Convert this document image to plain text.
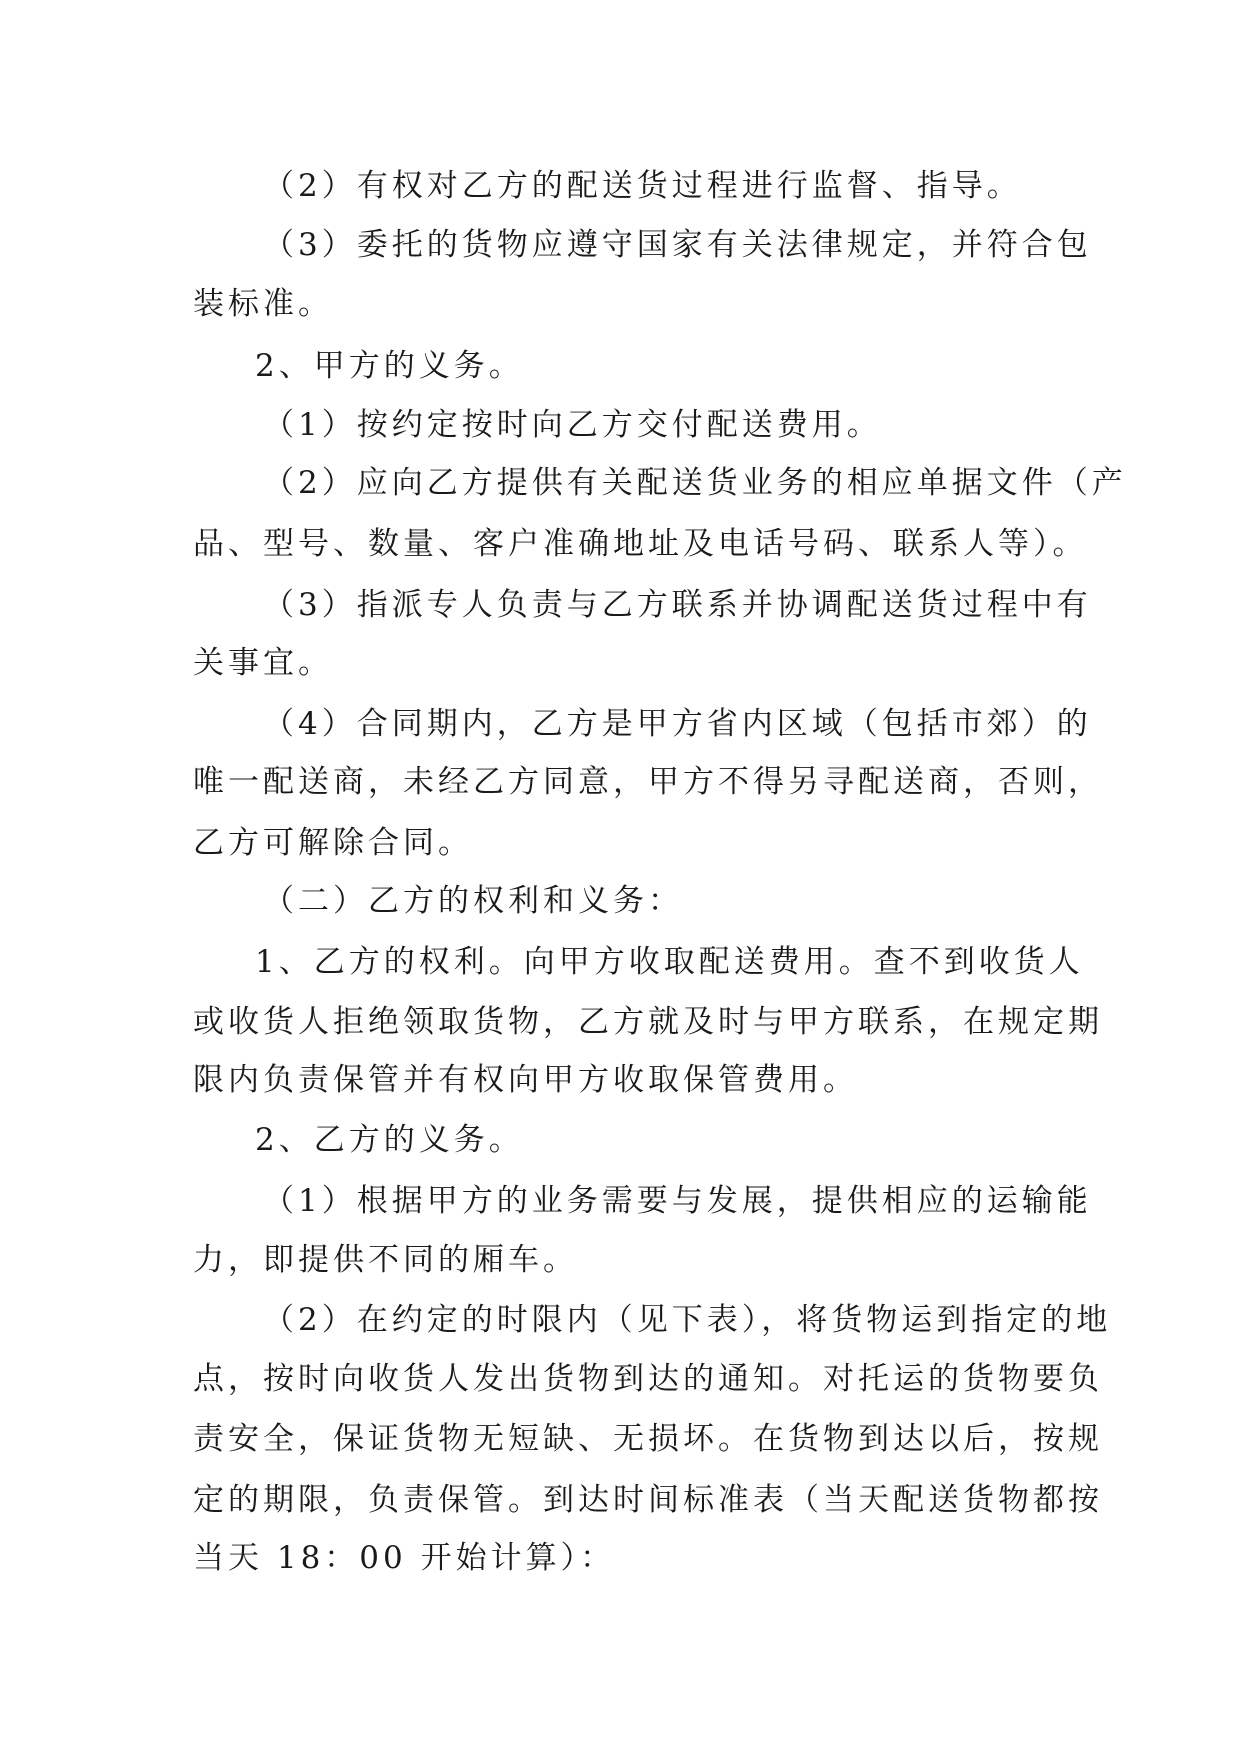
（2）有权对乙方的配送货过程进行监督、指导。
（3）委托的货物应遵守国家有关法律规定，并符合包
装标准。
2、甲方的义务。
（1）按约定按时向乙方交付配送费用。
（2）应向乙方提供有关配送货业务的相应单据文件（产
品、型号、数量、客户准确地址及电话号码、联系人等）。
（3）指派专人负责与乙方联系并协调配送货过程中有
关事宜。
（4）合同期内，乙方是甲方省内区域（包括市郊）的
唯一配送商，未经乙方同意，甲方不得另寻配送商，否则，
乙方可解除合同。
（二）乙方的权利和义务：
1、乙方的权利。向甲方收取配送费用。查不到收货人
或收货人拒绝领取货物，乙方就及时与甲方联系，在规定期
限内负责保管并有权向甲方收取保管费用。
2、乙方的义务。
（1）根据甲方的业务需要与发展，提供相应的运输能
力，即提供不同的厢车。
（2）在约定的时限内（见下表），将货物运到指定的地
点，按时向收货人发出货物到达的通知。对托运的货物要负
责安全，保证货物无短缺、无损坏。在货物到达以后，按规
定的期限，负责保管。到达时间标准表（当天配送货物都按
当天 18：00 开始计算）：
